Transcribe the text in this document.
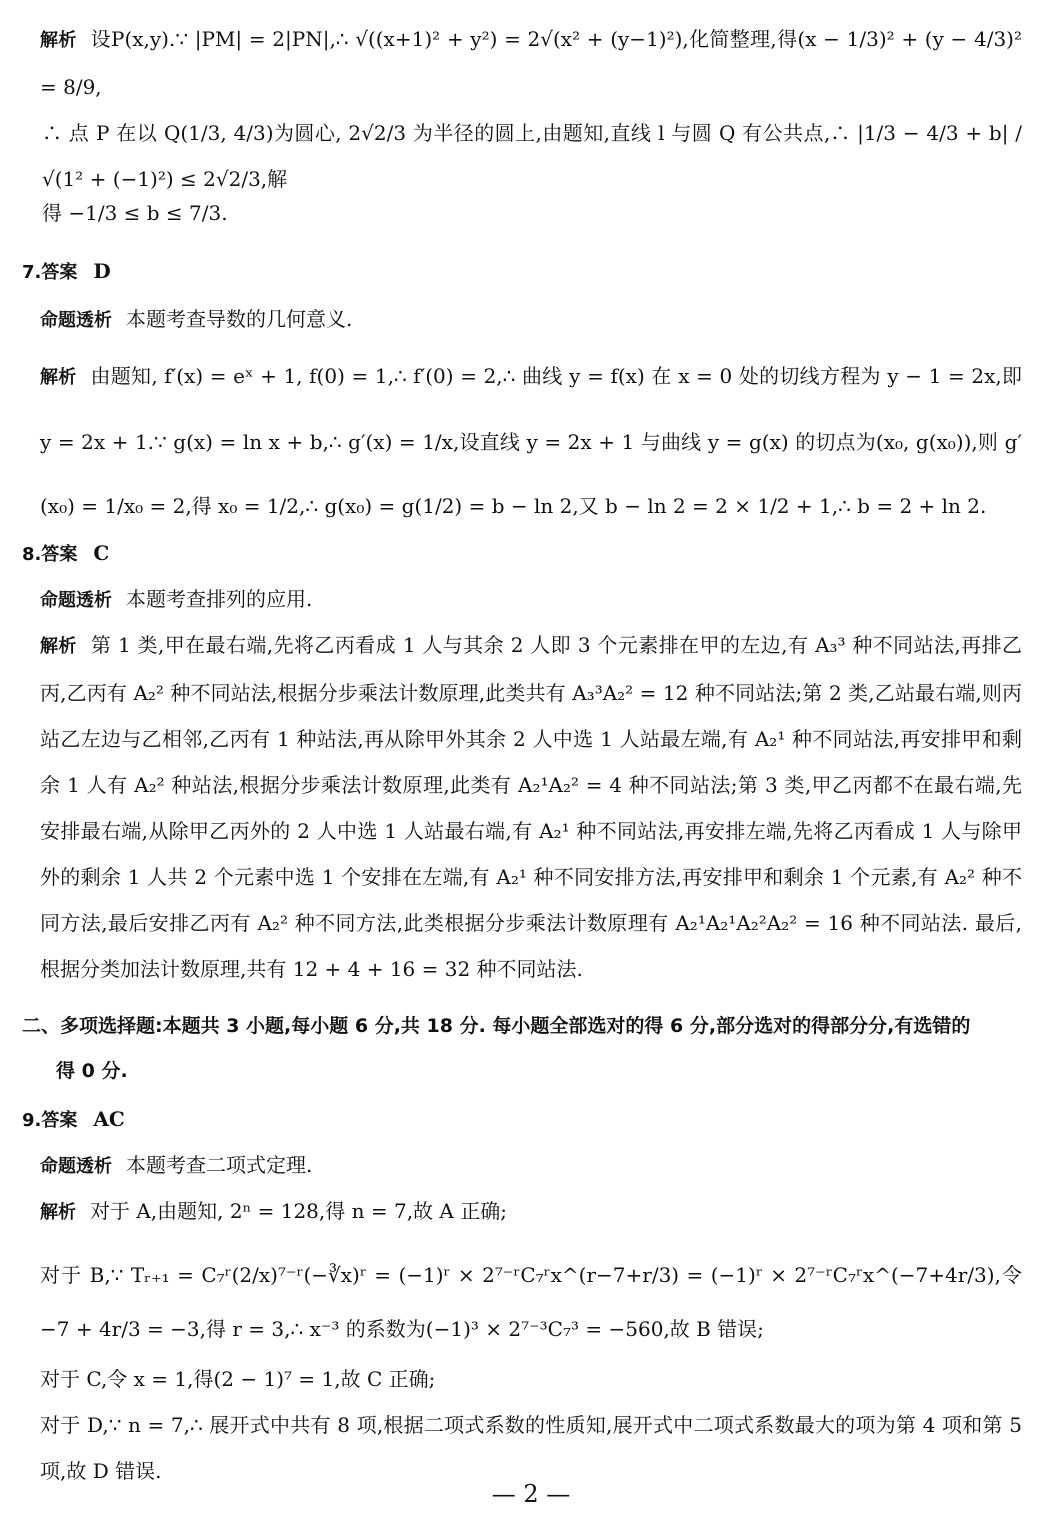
解析 设P(x,y).∵ |PM| = 2|PN|,∴ √((x+1)² + y²) = 2√(x² + (y−1)²),化简整理,得(x − 1/3)² + (y − 4/3)² = 8/9,

∴ 点 P 在以 Q(1/3, 4/3)为圆心, 2√2/3 为半径的圆上,由题知,直线 l 与圆 Q 有公共点,∴ |1/3 − 4/3 + b| / √(1² + (−1)²) ≤ 2√2/3,解

得 −1/3 ≤ b ≤ 7/3.

7.答案 D

命题透析 本题考查导数的几何意义.

解析 由题知, f′(x) = eˣ + 1, f(0) = 1,∴ f′(0) = 2,∴ 曲线 y = f(x) 在 x = 0 处的切线方程为 y − 1 = 2x,即 y = 2x + 1.∵ g(x) = ln x + b,∴ g′(x) = 1/x,设直线 y = 2x + 1 与曲线 y = g(x) 的切点为(x₀, g(x₀)),则 g′(x₀) = 1/x₀ = 2,得 x₀ = 1/2,∴ g(x₀) = g(1/2) = b − ln 2,又 b − ln 2 = 2 × 1/2 + 1,∴ b = 2 + ln 2.

8.答案 C

命题透析 本题考查排列的应用.

解析 第 1 类,甲在最右端,先将乙丙看成 1 人与其余 2 人即 3 个元素排在甲的左边,有 A₃³ 种不同站法,再排乙丙,乙丙有 A₂² 种不同站法,根据分步乘法计数原理,此类共有 A₃³A₂² = 12 种不同站法;第 2 类,乙站最右端,则丙站乙左边与乙相邻,乙丙有 1 种站法,再从除甲外其余 2 人中选 1 人站最左端,有 A₂¹ 种不同站法,再安排甲和剩余 1 人有 A₂² 种站法,根据分步乘法计数原理,此类有 A₂¹A₂² = 4 种不同站法;第 3 类,甲乙丙都不在最右端,先安排最右端,从除甲乙丙外的 2 人中选 1 人站最右端,有 A₂¹ 种不同站法,再安排左端,先将乙丙看成 1 人与除甲外的剩余 1 人共 2 个元素中选 1 个安排在左端,有 A₂¹ 种不同安排方法,再安排甲和剩余 1 个元素,有 A₂² 种不同方法,最后安排乙丙有 A₂² 种不同方法,此类根据分步乘法计数原理有 A₂¹A₂¹A₂²A₂² = 16 种不同站法. 最后,根据分类加法计数原理,共有 12 + 4 + 16 = 32 种不同站法.

二、多项选择题:本题共 3 小题,每小题 6 分,共 18 分. 每小题全部选对的得 6 分,部分选对的得部分分,有选错的

得 0 分.

9.答案 AC

命题透析 本题考查二项式定理.

解析 对于 A,由题知, 2ⁿ = 128,得 n = 7,故 A 正确;

对于 B,∵ Tᵣ₊₁ = C₇ʳ(2/x)⁷⁻ʳ(−∛x)ʳ = (−1)ʳ × 2⁷⁻ʳC₇ʳx^(r−7+r/3) = (−1)ʳ × 2⁷⁻ʳC₇ʳx^(−7+4r/3),令 −7 + 4r/3 = −3,得 r = 3,∴ x⁻³ 的系数为(−1)³ × 2⁷⁻³C₇³ = −560,故 B 错误;

对于 C,令 x = 1,得(2 − 1)⁷ = 1,故 C 正确;

对于 D,∵ n = 7,∴ 展开式中共有 8 项,根据二项式系数的性质知,展开式中二项式系数最大的项为第 4 项和第 5 项,故 D 错误.

— 2 —
